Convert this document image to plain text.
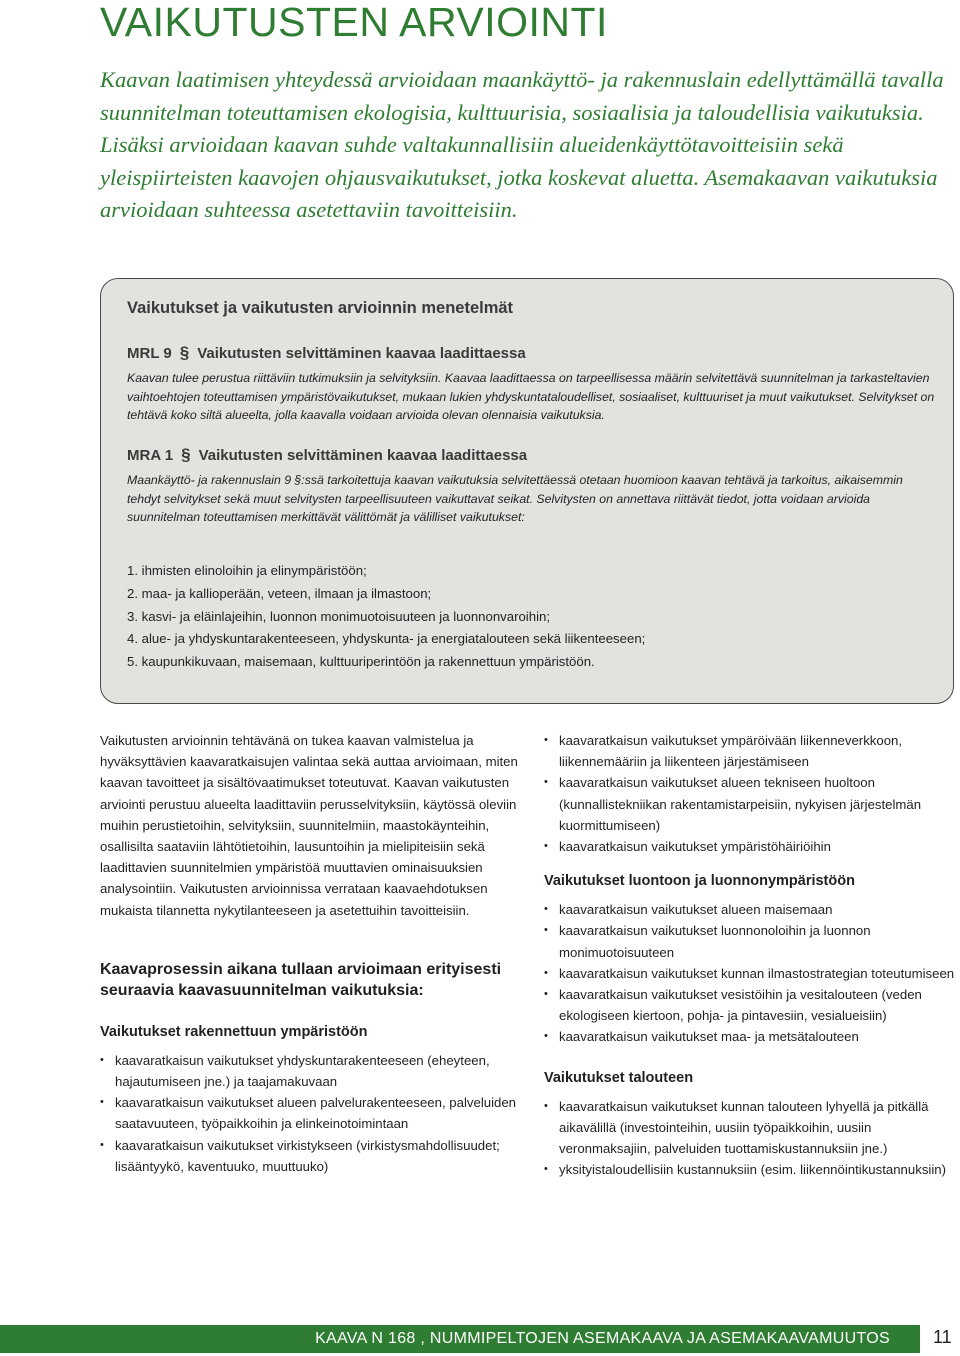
VAIKUTUSTEN ARVIOINTI

Kaavan laatimisen yhteydessä arvioidaan maankäyttö- ja rakennuslain edellyttämällä tavalla suunnitelman toteuttamisen ekologisia, kulttuurisia, sosiaalisia ja taloudellisia vaikutuksia. Lisäksi arvioidaan kaavan suhde valtakunnallisiin alueidenkäyttötavoitteisiin sekä yleispiirteisten kaavojen ohjausvaikutukset, jotka koskevat aluetta. Asemakaavan vaikutuksia arvioidaan suhteessa asetettaviin tavoitteisiin.

Vaikutukset ja vaikutusten arvioinnin menetelmät

MRL 9 § Vaikutusten selvittäminen kaavaa laadittaessa

Kaavan tulee perustua riittäviin tutkimuksiin ja selvityksiin. Kaavaa laadittaessa on tarpeellisessa määrin selvitettävä suunnitelman ja tarkasteltavien vaihtoehtojen toteuttamisen ympäristövaikutukset, mukaan lukien yhdyskuntataloudelliset, sosiaaliset, kulttuuriset ja muut vaikutukset. Selvitykset on tehtävä koko siltä alueelta, jolla kaavalla voidaan arvioida olevan olennaisia vaikutuksia.

MRA 1 § Vaikutusten selvittäminen kaavaa laadittaessa

Maankäyttö- ja rakennuslain 9 §:ssä tarkoitettuja kaavan vaikutuksia selvitettäessä otetaan huomioon kaavan tehtävä ja tarkoitus, aikaisemmin tehdyt selvitykset sekä muut selvitysten tarpeellisuuteen vaikuttavat seikat. Selvitysten on annettava riittävät tiedot, jotta voidaan arvioida suunnitelman toteuttamisen merkittävät välittömät ja välilliset vaikutukset:

1. ihmisten elinoloihin ja elinympäristöön;
2. maa- ja kallioperään, veteen, ilmaan ja ilmastoon;
3. kasvi- ja eläinlajeihin, luonnon monimuotoisuuteen ja luonnonvaroihin;
4. alue- ja yhdyskuntarakenteeseen, yhdyskunta- ja energiatalouteen sekä liikenteeseen;
5. kaupunkikuvaan, maisemaan, kulttuuriperintöön ja rakennettuun ympäristöön.

Vaikutusten arvioinnin tehtävänä on tukea kaavan valmistelua ja hyväksyttävien kaavaratkaisujen valintaa sekä auttaa arvioimaan, miten kaavan tavoitteet ja sisältövaatimukset toteutuvat. Kaavan vaikutusten arviointi perustuu alueelta laadittaviin perusselvityksiin, käytössä oleviin muihin perustietoihin, selvityksiin, suunnitelmiin, maastokäynteihin, osallisilta saataviin lähtötietoihin, lausuntoihin ja mielipiteisiin sekä laadittavien suunnitelmien ympäristöä muuttavien ominaisuuksien analysointiin. Vaikutusten arvioinnissa verrataan kaavaehdotuksen mukaista tilannetta nykytilanteeseen ja asetettuihin tavoitteisiin.

Kaavaprosessin aikana tullaan arvioimaan erityisesti seuraavia kaavasuunnitelman vaikutuksia:

Vaikutukset rakennettuun ympäristöön

• kaavaratkaisun vaikutukset yhdyskuntarakenteeseen (eheyteen, hajautumiseen jne.) ja taajamakuvaan
• kaavaratkaisun vaikutukset alueen palvelurakenteeseen, palveluiden saatavuuteen, työpaikkoihin ja elinkeinotoimintaan
• kaavaratkaisun vaikutukset virkistykseen (virkistysmahdollisuudet; lisääntyykö, kaventuuko, muuttuuko)
• kaavaratkaisun vaikutukset ympäröivään liikenneverkkoon, liikennemääriin ja liikenteen järjestämiseen
• kaavaratkaisun vaikutukset alueen tekniseen huoltoon (kunnallistekniikan rakentamistarpeisiin, nykyisen järjestelmän kuormittumiseen)
• kaavaratkaisun vaikutukset ympäristöhäiriöihin

Vaikutukset luontoon ja luonnonympäristöön

• kaavaratkaisun vaikutukset alueen maisemaan
• kaavaratkaisun vaikutukset luonnonoloihin ja luonnon monimuotoisuuteen
• kaavaratkaisun vaikutukset kunnan ilmastostrategian toteutumiseen
• kaavaratkaisun vaikutukset vesistöihin ja vesitalouteen (veden ekologiseen kiertoon, pohja- ja pintavesiin, vesialueisiin)
• kaavaratkaisun vaikutukset maa- ja metsätalouteen

Vaikutukset talouteen

• kaavaratkaisun vaikutukset kunnan talouteen lyhyellä ja pitkällä aikavälillä (investointeihin, uusiin työpaikkoihin, uusiin veronmaksajiin, palveluiden tuottamiskustannuksiin jne.)
• yksityistaloudellisiin kustannuksiin (esim. liikennöintikustannuksiin)
KAAVA N 168 , NUMMIPELTOJEN ASEMAKAAVA JA ASEMAKAAVAMUUTOS 11
